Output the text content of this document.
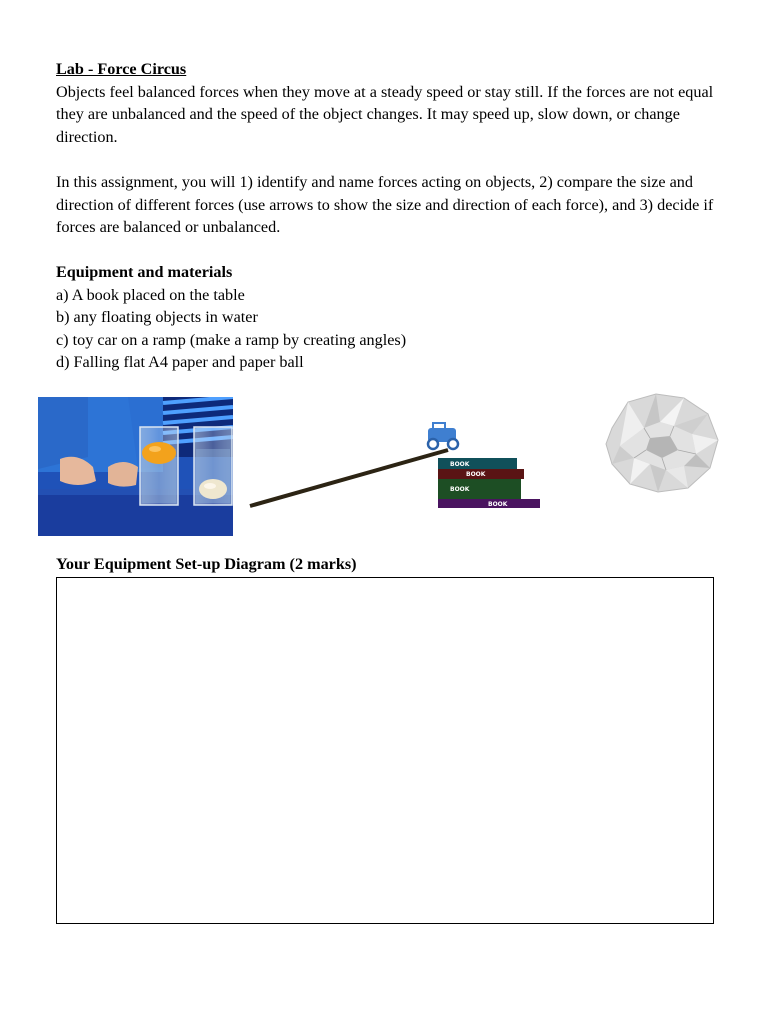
Lab - Force Circus

Objects feel balanced forces when they move at a steady speed or stay still. If the forces are not equal they are unbalanced and the speed of the object changes. It may speed up, slow down, or change direction.

In this assignment, you will 1) identify and name forces acting on objects, 2) compare the size and direction of different forces (use arrows to show the size and direction of each force), and 3) decide if forces are balanced or unbalanced.

Equipment and materials

a) A book placed on the table

b) any floating objects in water

c) toy car on a ramp (make a ramp by creating angles)

d) Falling flat A4 paper and paper ball

BOOK
BOOK
BOOK
BOOK
Your Equipment Set-up Diagram (2 marks)
